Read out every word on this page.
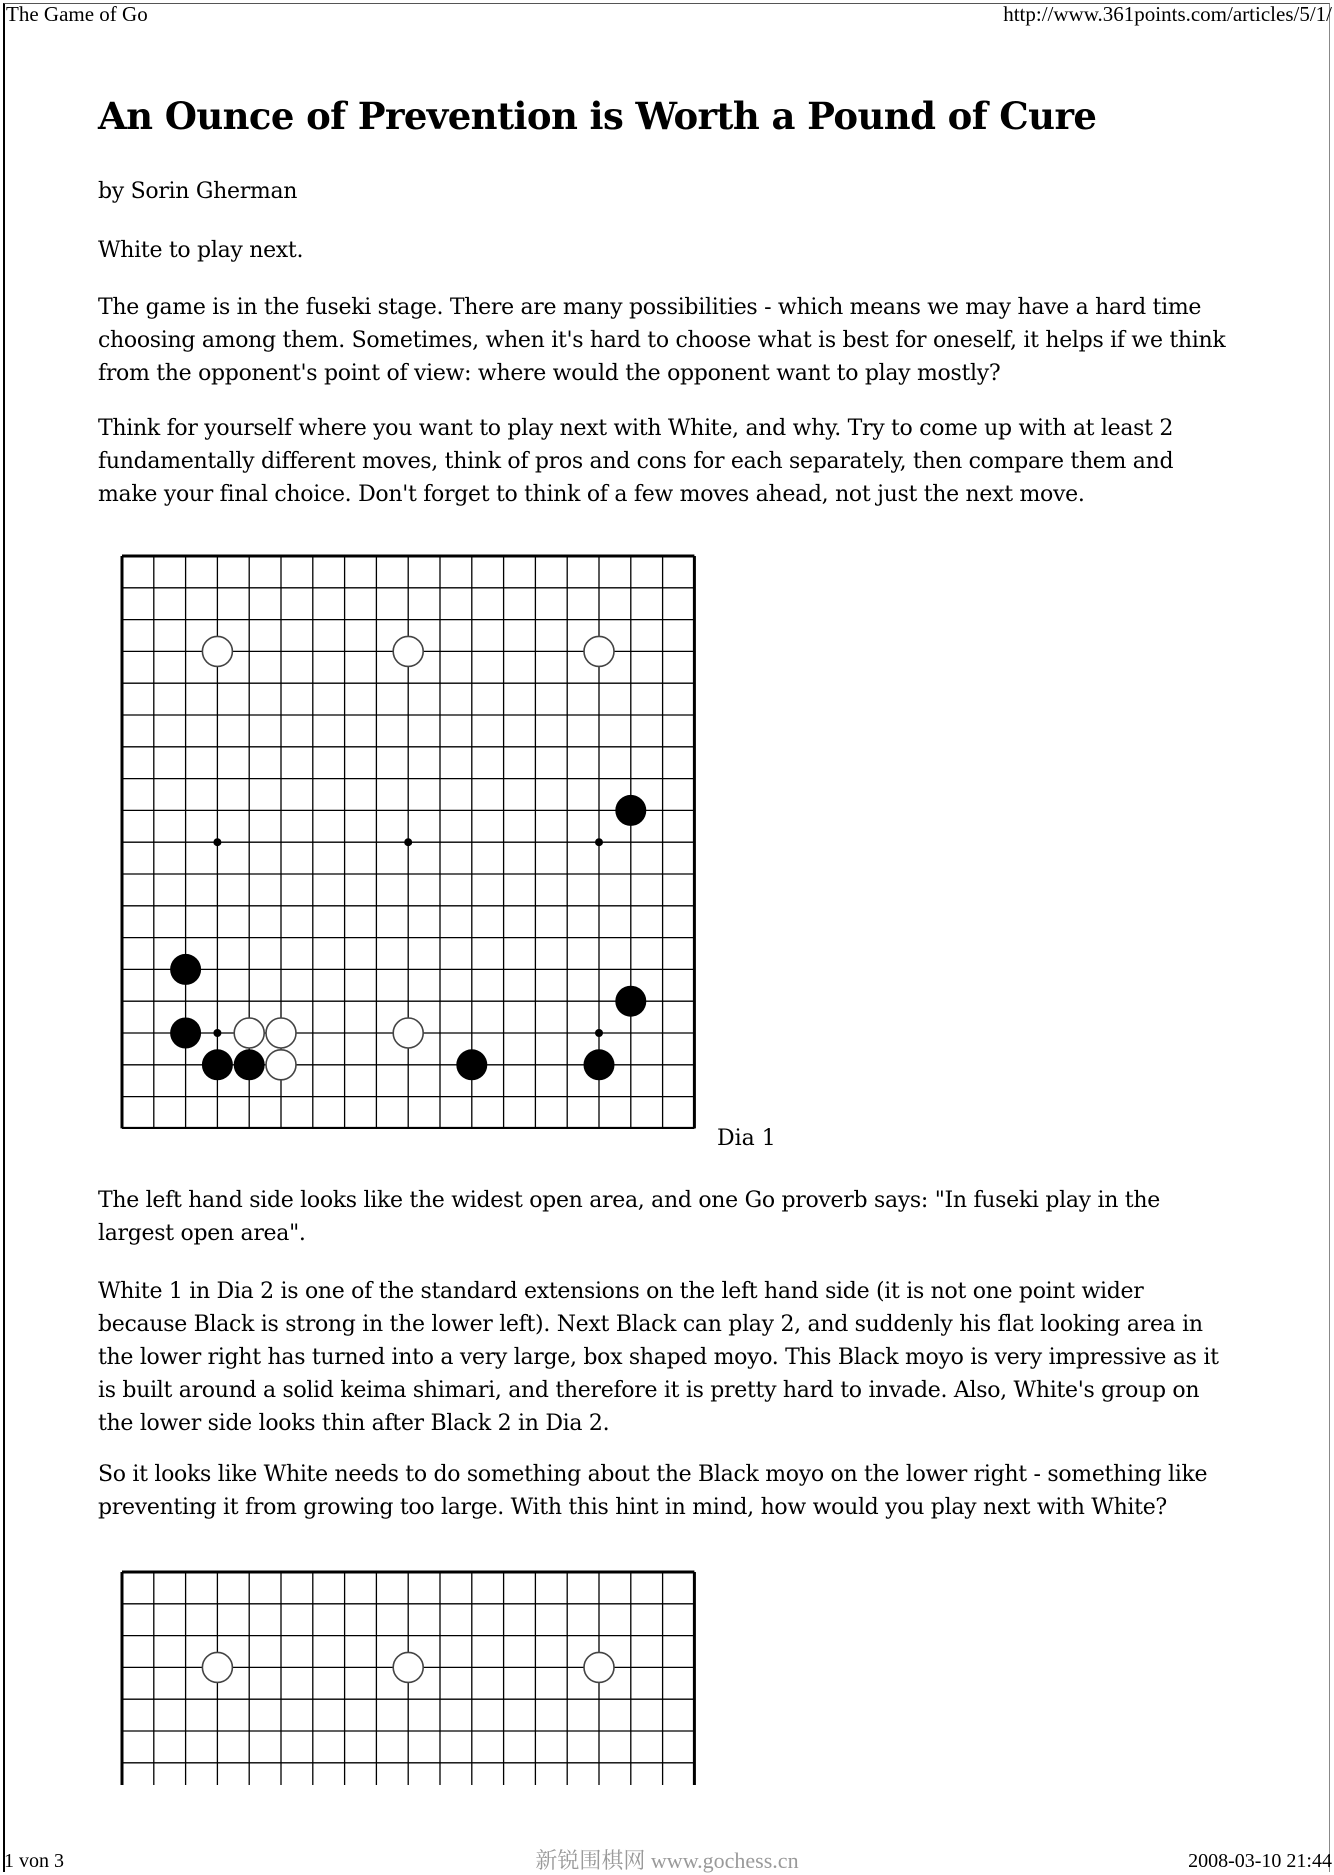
The Game of Go	http://www.361points.com/articles/5/1/
An Ounce of Prevention is Worth a Pound of Cure

by Sorin Gherman

White to play next.

The game is in the fuseki stage. There are many possibilities - which means we may have a hard time choosing among them. Sometimes, when it's hard to choose what is best for oneself, it helps if we think from the opponent's point of view: where would the opponent want to play mostly?

Think for yourself where you want to play next with White, and why. Try to come up with at least 2 fundamentally different moves, think of pros and cons for each separately, then compare them and make your final choice. Don't forget to think of a few moves ahead, not just the next move.

Dia 1

The left hand side looks like the widest open area, and one Go proverb says: "In fuseki play in the largest open area".

White 1 in Dia 2 is one of the standard extensions on the left hand side (it is not one point wider because Black is strong in the lower left). Next Black can play 2, and suddenly his flat looking area in the lower right has turned into a very large, box shaped moyo. This Black moyo is very impressive as it is built around a solid keima shimari, and therefore it is pretty hard to invade. Also, White's group on the lower side looks thin after Black 2 in Dia 2.

So it looks like White needs to do something about the Black moyo on the lower right - something like preventing it from growing too large. With this hint in mind, how would you play next with White?

1 von 3	新锐围棋网 www.gochess.cn	2008-03-10 21:44
